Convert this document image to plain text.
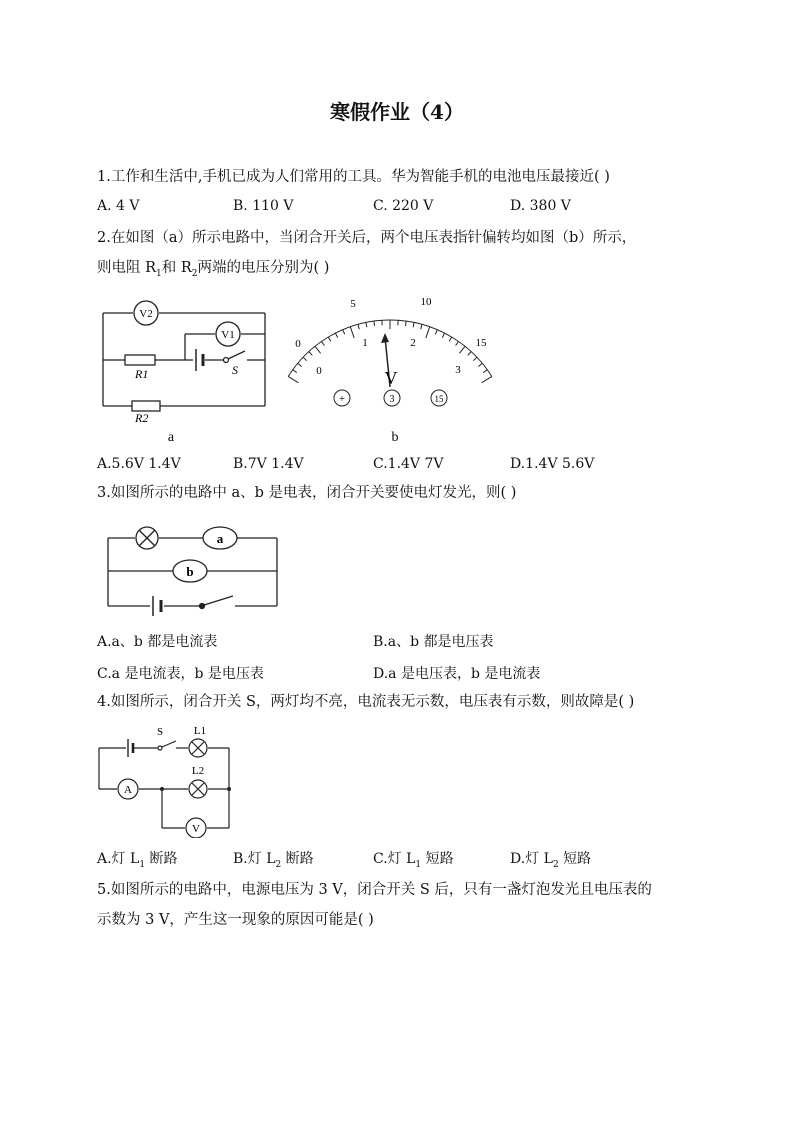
寒假作业（4）
1.工作和生活中,手机已成为人们常用的工具。华为智能手机的电池电压最接近( )
A. 4 V	B. 110 V	C. 220 V	D. 380 V
2.在如图（a）所示电路中，当闭合开关后，两个电压表指针偏转均如图（b）所示，
则电阻 $R_1$和 $R_2$两端的电压分别为( )
V2
V1
R1	S
R2
a
0
5	10
15
0
1	2
3
V
+	3	15
b
A.5.6V 1.4V	B.7V 1.4V	C.1.4V 7V	D.1.4V 5.6V
3.如图所示的电路中 a、b 是电表，闭合开关要使电灯发光，则( )
a
b
A.a、b 都是电流表	B.a、b 都是电压表
C.a 是电流表，b 是电压表	D.a 是电压表，b 是电流表
4.如图所示，闭合开关 S，两灯均不亮，电流表无示数，电压表有示数，则故障是( )
S	L1
L2
A
V
A.灯 $L_1$ 断路	B.灯 $L_2$ 断路	C.灯 $L_1$ 短路	D.灯 $L_2$ 短路
5.如图所示的电路中，电源电压为 3 V，闭合开关 S 后，只有一盏灯泡发光且电压表的
示数为 3 V，产生这一现象的原因可能是( )
